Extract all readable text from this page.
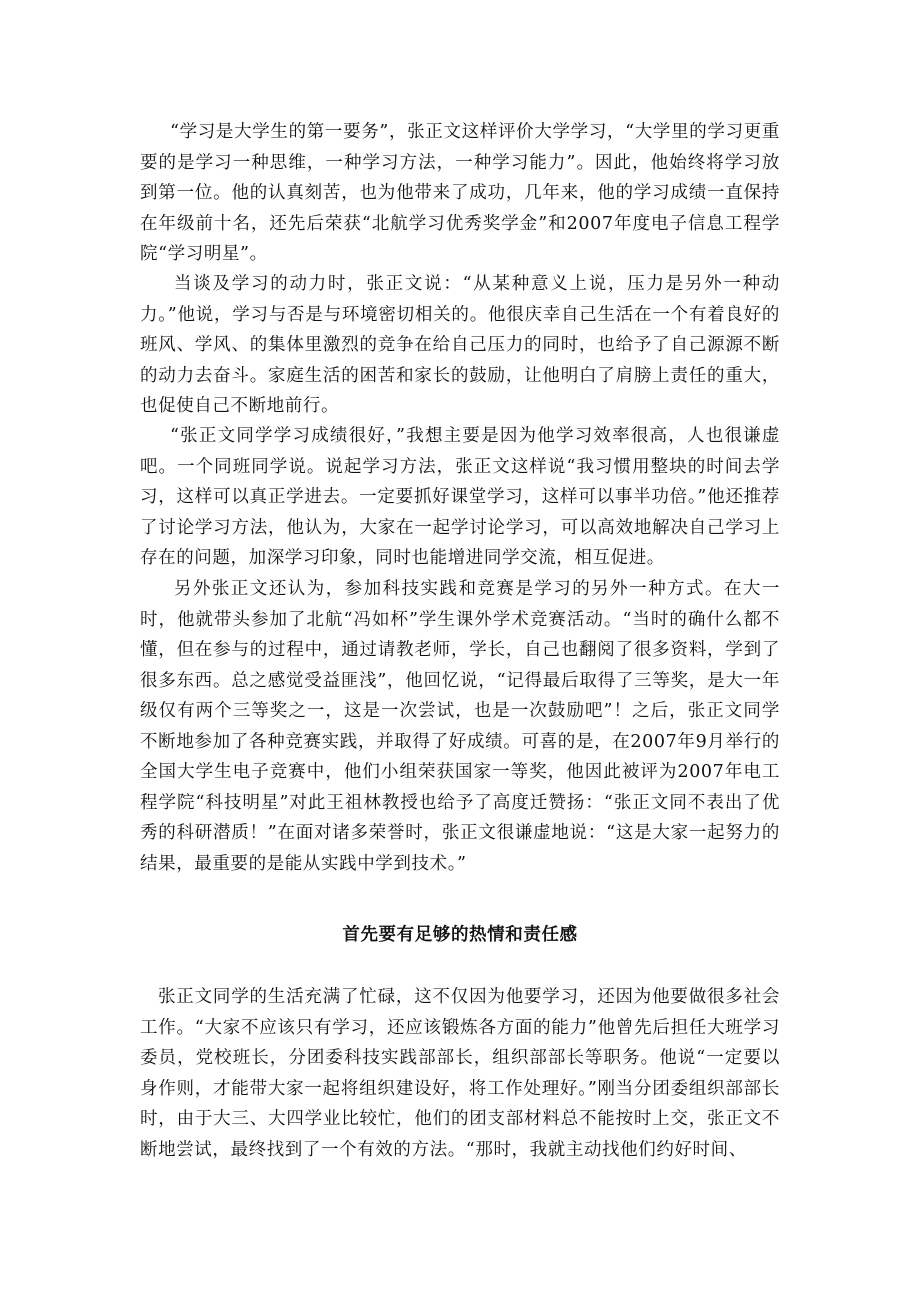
“学习是大学生的第一要务”，张正文这样评价大学学习，“大学里的学习更重要的是学习一种思维，一种学习方法，一种学习能力”。因此，他始终将学习放到第一位。他的认真刻苦，也为他带来了成功，几年来，他的学习成绩一直保持在年级前十名，还先后荣获“北航学习优秀奖学金”和2007年度电子信息工程学院“学习明星”。

当谈及学习的动力时，张正文说：“从某种意义上说，压力是另外一种动力。”他说，学习与否是与环境密切相关的。他很庆幸自己生活在一个有着良好的班风、学风、的集体里激烈的竞争在给自己压力的同时，也给予了自己源源不断的动力去奋斗。家庭生活的困苦和家长的鼓励，让他明白了肩膀上责任的重大，也促使自己不断地前行。

“张正文同学学习成绩很好，”我想主要是因为他学习效率很高，人也很谦虚吧。一个同班同学说。说起学习方法，张正文这样说“我习惯用整块的时间去学习，这样可以真正学进去。一定要抓好课堂学习，这样可以事半功倍。”他还推荐了讨论学习方法，他认为，大家在一起学讨论学习，可以高效地解决自己学习上存在的问题，加深学习印象，同时也能增进同学交流，相互促进。

另外张正文还认为，参加科技实践和竞赛是学习的另外一种方式。在大一时，他就带头参加了北航“冯如杯”学生课外学术竞赛活动。“当时的确什么都不懂，但在参与的过程中，通过请教老师，学长，自己也翻阅了很多资料，学到了很多东西。总之感觉受益匪浅”，他回忆说，“记得最后取得了三等奖，是大一年级仅有两个三等奖之一，这是一次尝试，也是一次鼓励吧”！之后，张正文同学不断地参加了各种竞赛实践，并取得了好成绩。可喜的是，在2007年9月举行的全国大学生电子竞赛中，他们小组荣获国家一等奖，他因此被评为2007年电工程学院“科技明星”对此王祖林教授也给予了高度迁赞扬：“张正文同不表出了优秀的科研潜质！”在面对诸多荣誉时，张正文很谦虚地说：“这是大家一起努力的结果，最重要的是能从实践中学到技术。”

首先要有足够的热情和责任感

张正文同学的生活充满了忙碌，这不仅因为他要学习，还因为他要做很多社会工作。“大家不应该只有学习，还应该锻炼各方面的能力”他曾先后担任大班学习委员，党校班长，分团委科技实践部部长，组织部部长等职务。他说“一定要以身作则，才能带大家一起将组织建设好，将工作处理好。”刚当分团委组织部部长时，由于大三、大四学业比较忙，他们的团支部材料总不能按时上交，张正文不断地尝试，最终找到了一个有效的方法。“那时，我就主动找他们约好时间、
